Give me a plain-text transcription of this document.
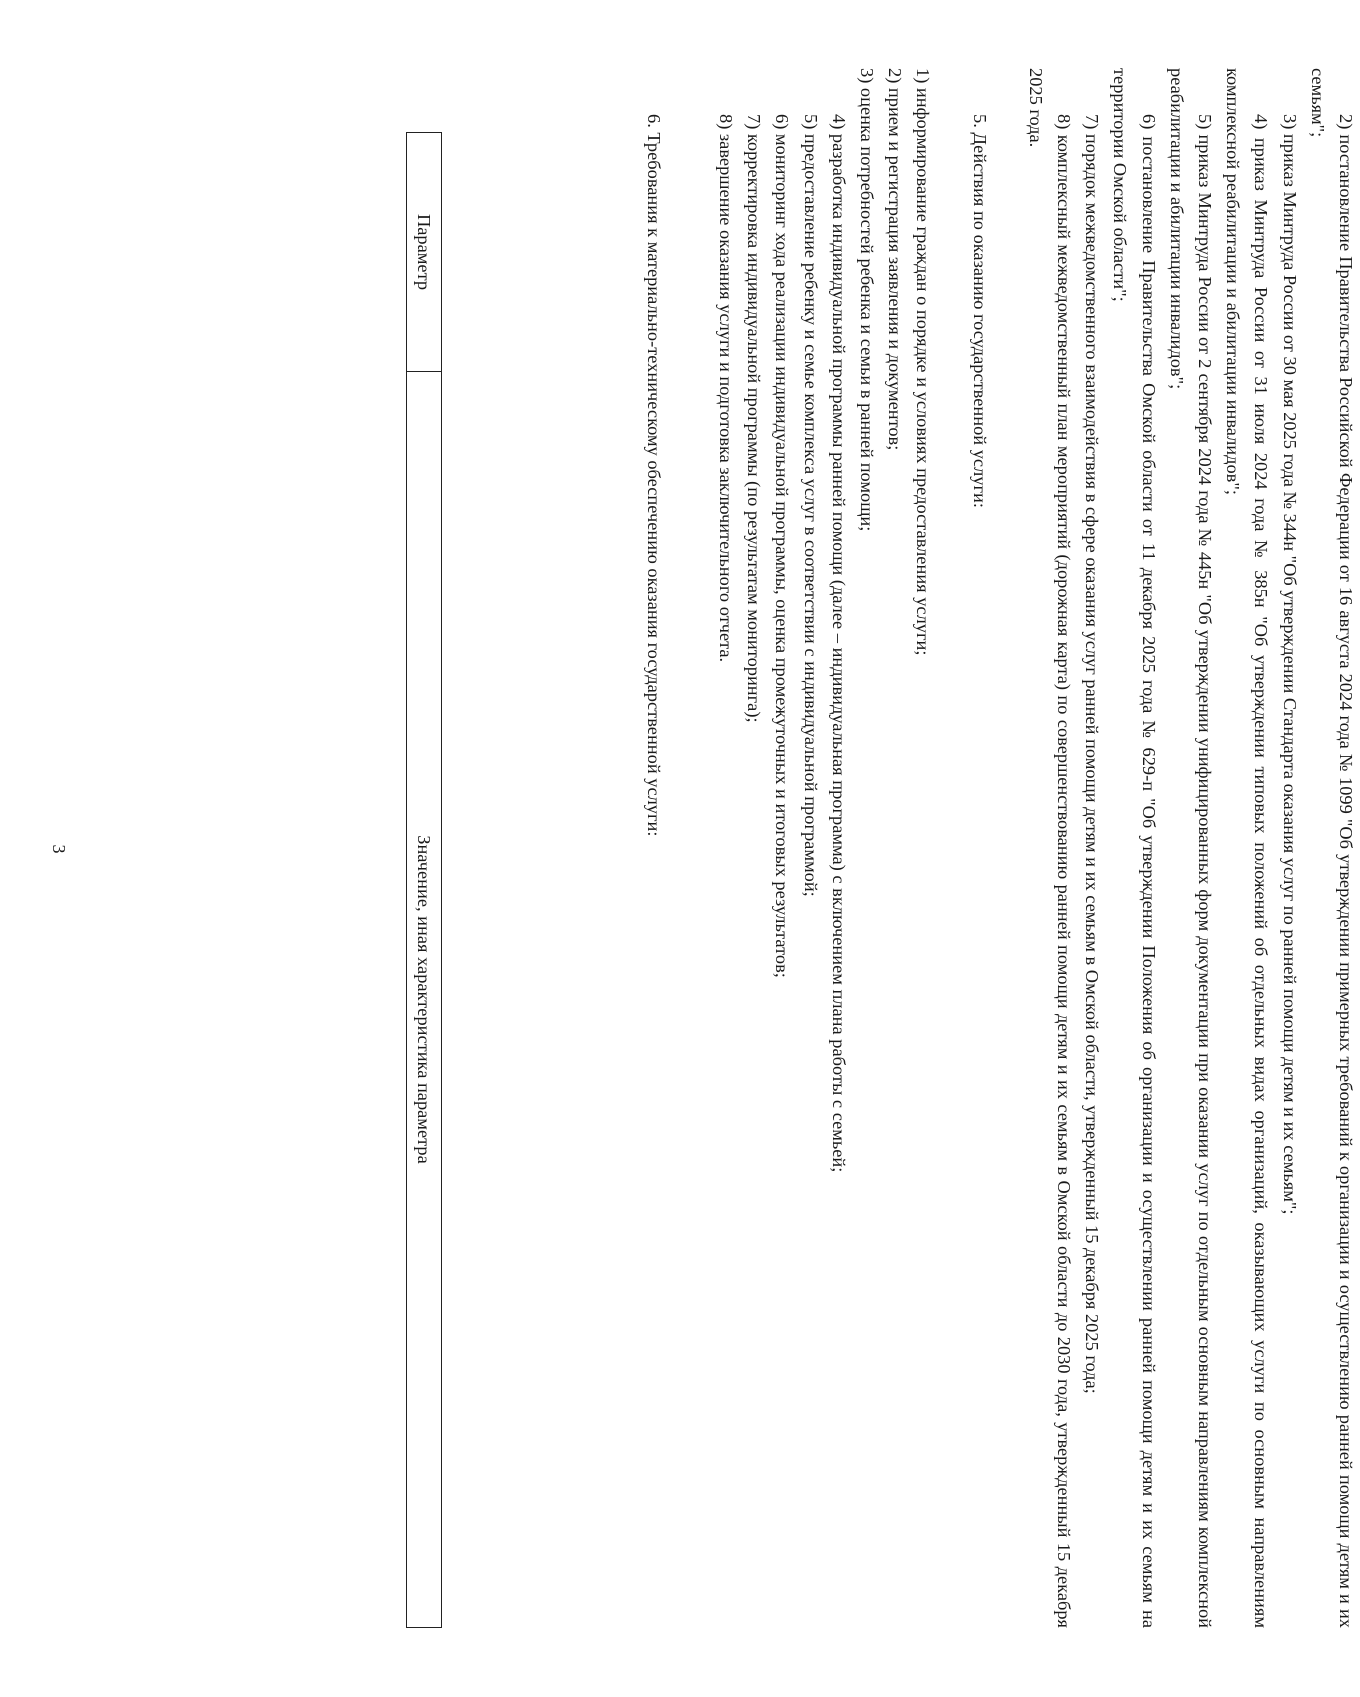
3	2) постановление Правительства Российской Федерации от 16 августа 2024 года № 1099 "Об утверждении примерных требований к организации и осуществлению ранней помощи детям и их семьям";

3) приказ Минтруда России от 30 мая 2025 года № 344н "Об утверждении Стандарта оказания услуг по ранней помощи детям и их семьям";

4) приказ Минтруда России от 31 июля 2024 года № 385н "Об утверждении типовых положений об отдельных видах организаций, оказывающих услуги по основным направлениям комплексной реабилитации и абилитации инвалидов";

5) приказ Минтруда России от 2 сентября 2024 года № 445н "Об утверждении унифицированных форм документации при оказании услуг по отдельным основным направлениям комплексной реабилитации и абилитации инвалидов";

6) постановление Правительства Омской области от 11 декабря 2025 года № 629-п "Об утверждении Положения об организации и осуществлении ранней помощи детям и их семьям на территории Омской области";

7) порядок межведомственного взаимодействия в сфере оказания услуг ранней помощи детям и их семьям в Омской области, утвержденный 15 декабря 2025 года;

8) комплексный межведомственный план мероприятий (дорожная карта) по совершенствованию ранней помощи детям и их семьям в Омской области до 2030 года, утвержденный 15 декабря 2025 года.

5. Действия по оказанию государственной услуги:

1) информирование граждан о порядке и условиях предоставления услуги;

2) прием и регистрация заявления и документов;

3) оценка потребностей ребенка и семьи в ранней помощи;

4) разработка индивидуальной программы ранней помощи (далее – индивидуальная программа) с включением плана работы с семьей;

5) предоставление ребенку и семье комплекса услуг в соответствии с индивидуальной программой;

6) мониторинг хода реализации индивидуальной программы, оценка промежуточных и итоговых результатов;

7) корректировка индивидуальной программы (по результатам мониторинга);

8) завершение оказания услуги и подготовка заключительного отчета.

6. Требования к материально-техническому обеспечению оказания государственной услуги:

Параметр	Значение, иная характеристика параметра
